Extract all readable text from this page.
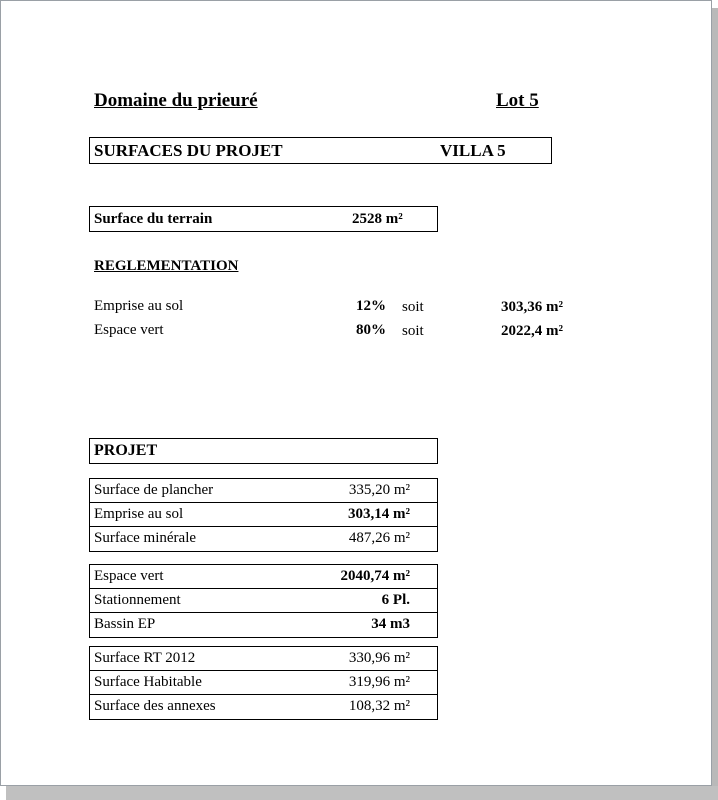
Domaine du prieuré	Lot 5
SURFACES DU PROJET	VILLA 5
Surface du terrain	2528 m²
REGLEMENTATION
Emprise au sol	12% soit	303,36 m²
Espace vert	80% soit	2022,4 m²
PROJET
Surface de plancher	335,20 m²
Emprise au sol	303,14 m²
Surface minérale	487,26 m²
Espace vert	2040,74 m²
Stationnement	6 Pl.
Bassin EP	34 m3
Surface RT 2012	330,96 m²
Surface Habitable	319,96 m²
Surface des annexes	108,32 m²
